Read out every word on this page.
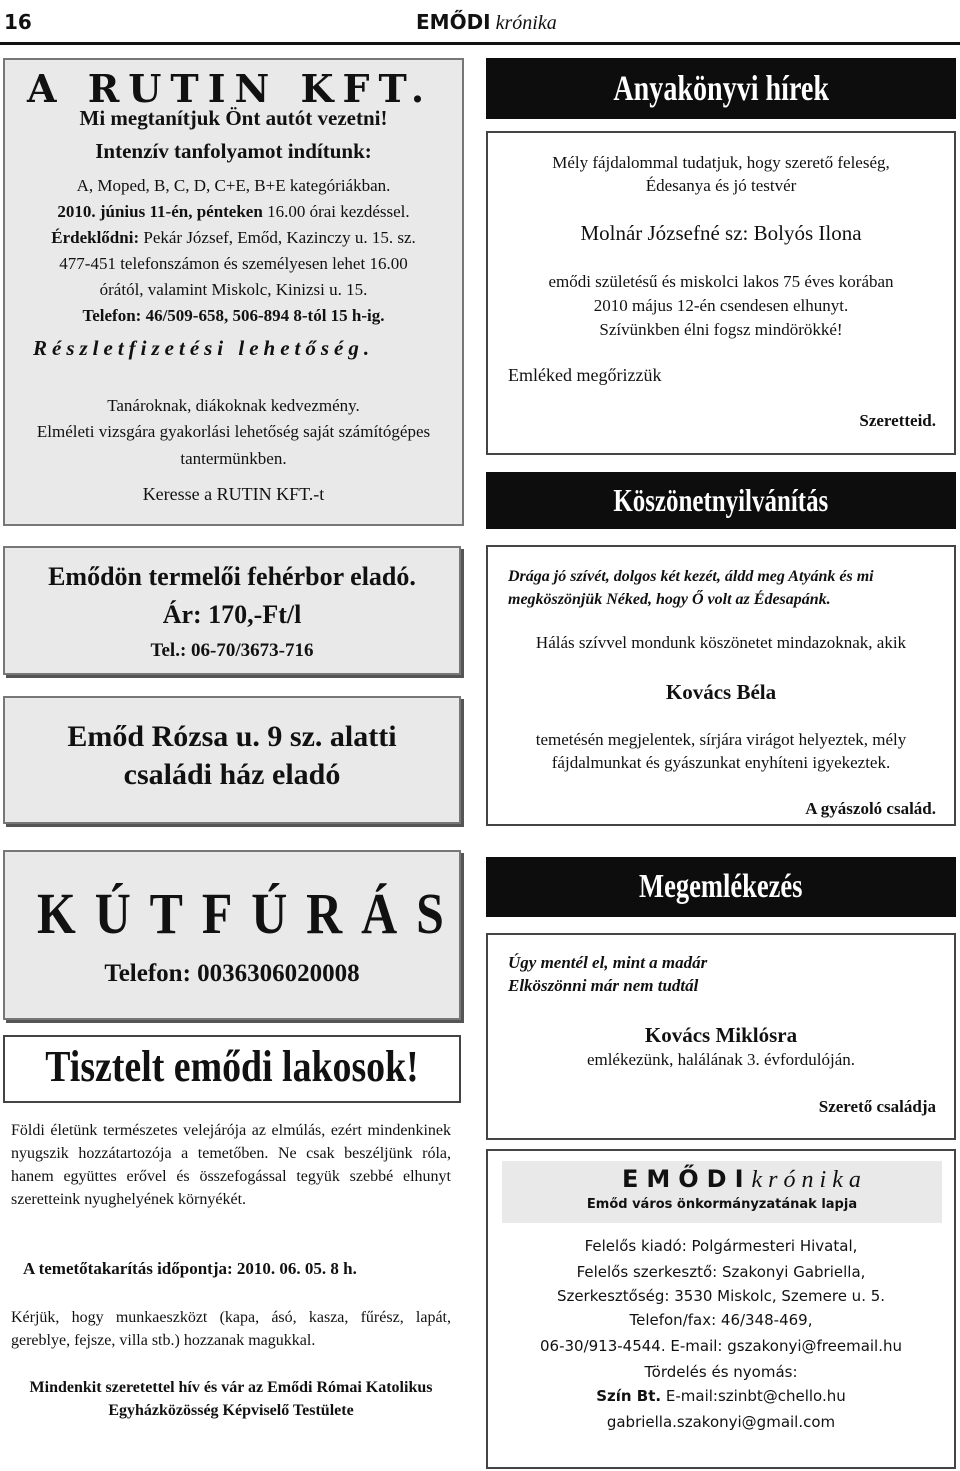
16	EMŐDI krónika
A RUTIN KFT.
Mi megtanítjuk Önt autót vezetni!
Intenzív tanfolyamot indítunk:
A, Moped, B, C, D, C+E, B+E kategóriákban.
2010. június 11-én, pénteken 16.00 órai kezdéssel.
Érdeklődni: Pekár József, Emőd, Kazinczy u. 15. sz.
477-451 telefonszámon és személyesen lehet 16.00
órától, valamint Miskolc, Kinizsi u. 15.
Telefon: 46/509-658, 506-894 8-tól 15 h-ig.
Részletfizetési lehetőség.
Tanároknak, diákoknak kedvezmény.
Elméleti vizsgára gyakorlási lehetőség saját számítógépes
tantermünkben.
Keresse a RUTIN KFT.-t
Emődön termelői fehérbor eladó.
Ár: 170,-Ft/l
Tel.: 06-70/3673-716
Emőd Rózsa u. 9 sz. alatti
családi ház eladó
KÚTFÚRÁS
Telefon: 0036306020008
Tisztelt emődi lakosok!
Földi életünk természetes velejárója az elmúlás, ezért mindenkinek nyugszik hozzátartozója a temetőben. Ne csak beszéljünk róla, hanem együttes erővel és összefogással tegyük szebbé elhunyt szeretteink nyughelyének környékét.
A temetőtakarítás időpontja: 2010. 06. 05. 8 h.
Kérjük, hogy munkaeszközt (kapa, ásó, kasza, fűrész, lapát, gereblye, fejsze, villa stb.) hozzanak magukkal.
Mindenkit szeretettel hív és vár az Emődi Római Katolikus Egyházközösség Képviselő Testülete
Anyakönyvi hírek
Mély fájdalommal tudatjuk, hogy szerető feleség,
Édesanya és jó testvér
Molnár Józsefné sz: Bolyós Ilona
emődi születésű és miskolci lakos 75 éves korában
2010 május 12-én csendesen elhunyt.
Szívünkben élni fogsz mindörökké!
Emléked megőrizzük
Szeretteid.
Köszönetnyilvánítás
Drága jó szívét, dolgos két kezét, áldd meg Atyánk és mi megköszönjük Néked, hogy Ő volt az Édesapánk.
Hálás szívvel mondunk köszönetet mindazoknak, akik
Kovács Béla
temetésén megjelentek, sírjára virágot helyeztek, mély
fájdalmunkat és gyászunkat enyhíteni igyekeztek.
A gyászoló család.
Megemlékezés
Úgy mentél el, mint a madár
Elköszönni már nem tudtál
Kovács Miklósra
emlékezünk, halálának 3. évfordulóján.
Szerető családja
EMŐDIkrónika
Emőd város önkormányzatának lapja
Felelős kiadó: Polgármesteri Hivatal,
Felelős szerkesztő: Szakonyi Gabriella,
Szerkesztőség: 3530 Miskolc, Szemere u. 5.
Telefon/fax: 46/348-469,
06-30/913-4544. E-mail: gszakonyi@freemail.hu
Tördelés és nyomás:
Szín Bt. E-mail:szinbt@chello.hu
gabriella.szakonyi@gmail.com
